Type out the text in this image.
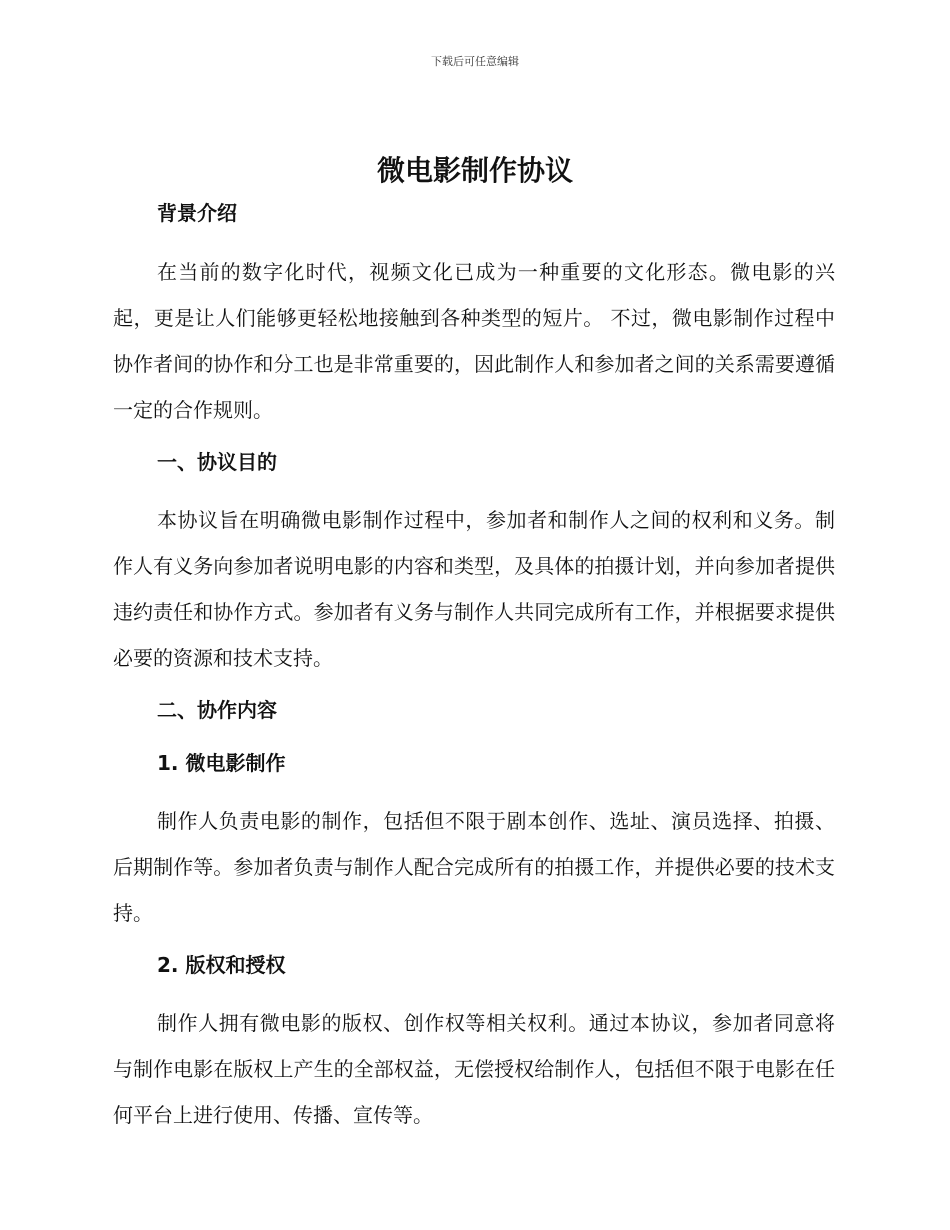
下载后可任意编辑
微电影制作协议
背景介绍

在当前的数字化时代，视频文化已成为一种重要的文化形态。微电影的兴起，更是让人们能够更轻松地接触到各种类型的短片。 不过，微电影制作过程中协作者间的协作和分工也是非常重要的，因此制作人和参加者之间的关系需要遵循一定的合作规则。

一、协议目的

本协议旨在明确微电影制作过程中，参加者和制作人之间的权利和义务。制作人有义务向参加者说明电影的内容和类型，及具体的拍摄计划，并向参加者提供违约责任和协作方式。参加者有义务与制作人共同完成所有工作，并根据要求提供必要的资源和技术支持。

二、协作内容
1. 微电影制作

制作人负责电影的制作，包括但不限于剧本创作、选址、演员选择、拍摄、后期制作等。参加者负责与制作人配合完成所有的拍摄工作，并提供必要的技术支持。

2. 版权和授权

制作人拥有微电影的版权、创作权等相关权利。通过本协议，参加者同意将与制作电影在版权上产生的全部权益，无偿授权给制作人，包括但不限于电影在任何平台上进行使用、传播、宣传等。
